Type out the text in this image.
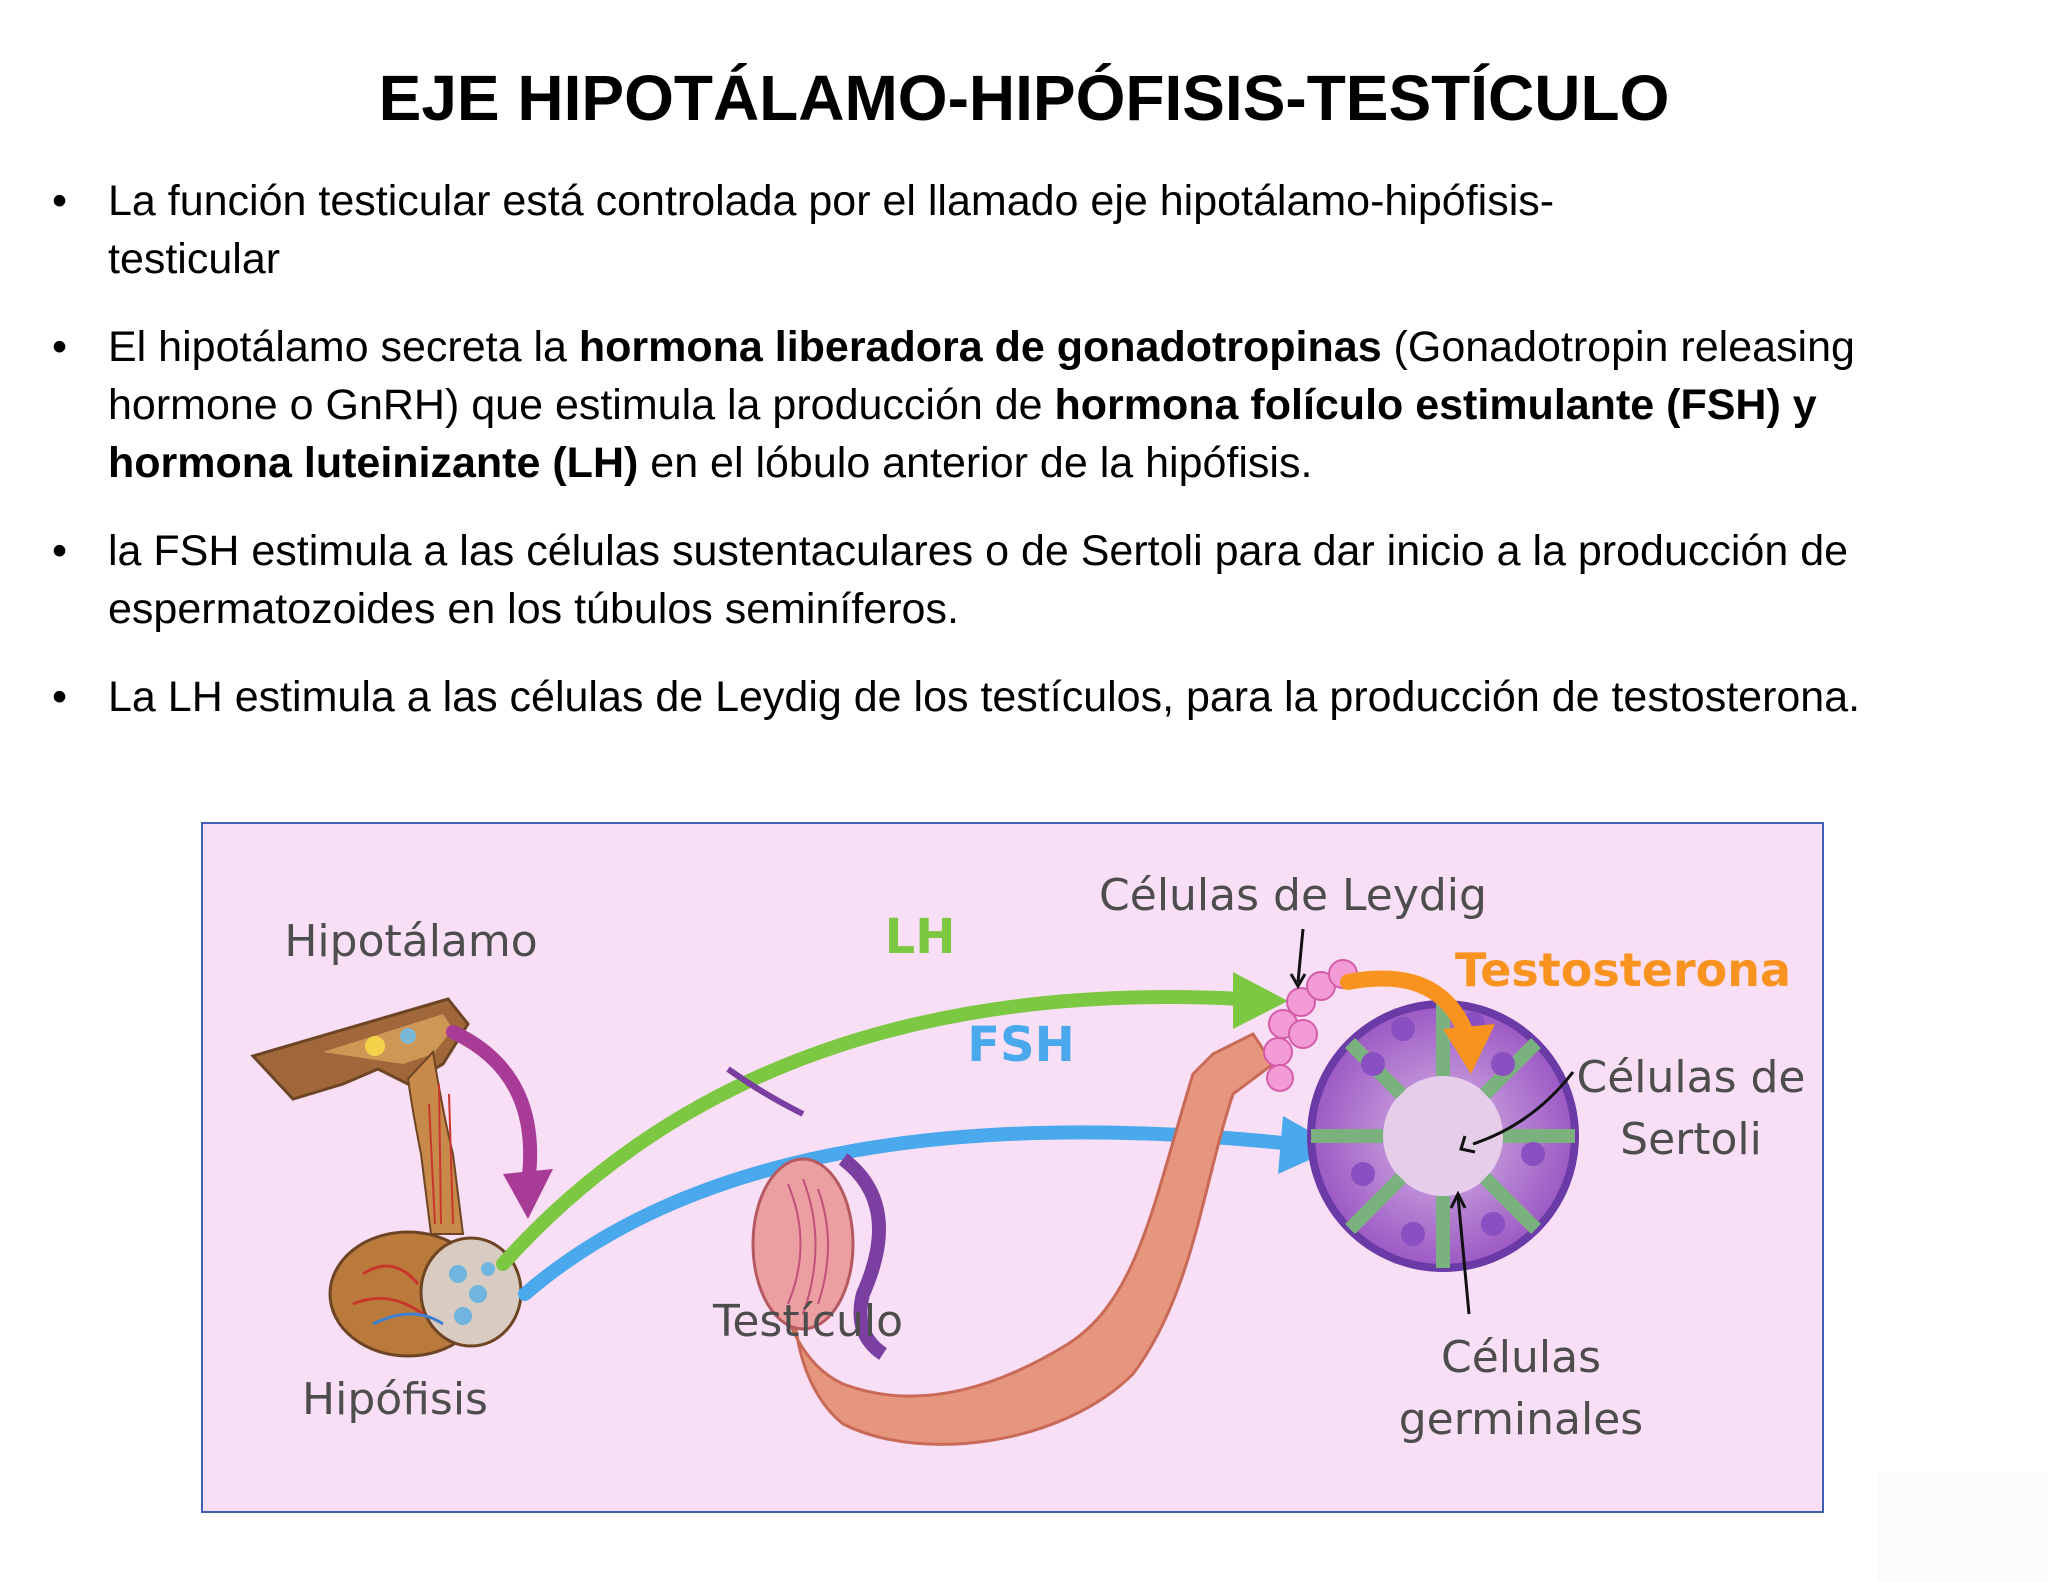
EJE HIPOTÁLAMO-HIPÓFISIS-TESTÍCULO
• La función testicular está controlada por el llamado eje hipotálamo-hipófisis-
testicular
• El hipotálamo secreta la hormona liberadora de gonadotropinas (Gonadotropin releasing hormone o GnRH) que estimula la producción de hormona folículo estimulante (FSH) y hormona luteinizante (LH) en el lóbulo anterior de la hipófisis.
• la FSH estimula a las células sustentaculares o de Sertoli para dar inicio a la producción de espermatozoides en los túbulos seminíferos.
• La LH estimula a las células de Leydig de los testículos, para la producción de testosterona.
Hipotálamo
Hipófisis
LH
FSH
Testículo
Células de Leydig
Testosterona
Células de
Sertoli
Células
germinales
